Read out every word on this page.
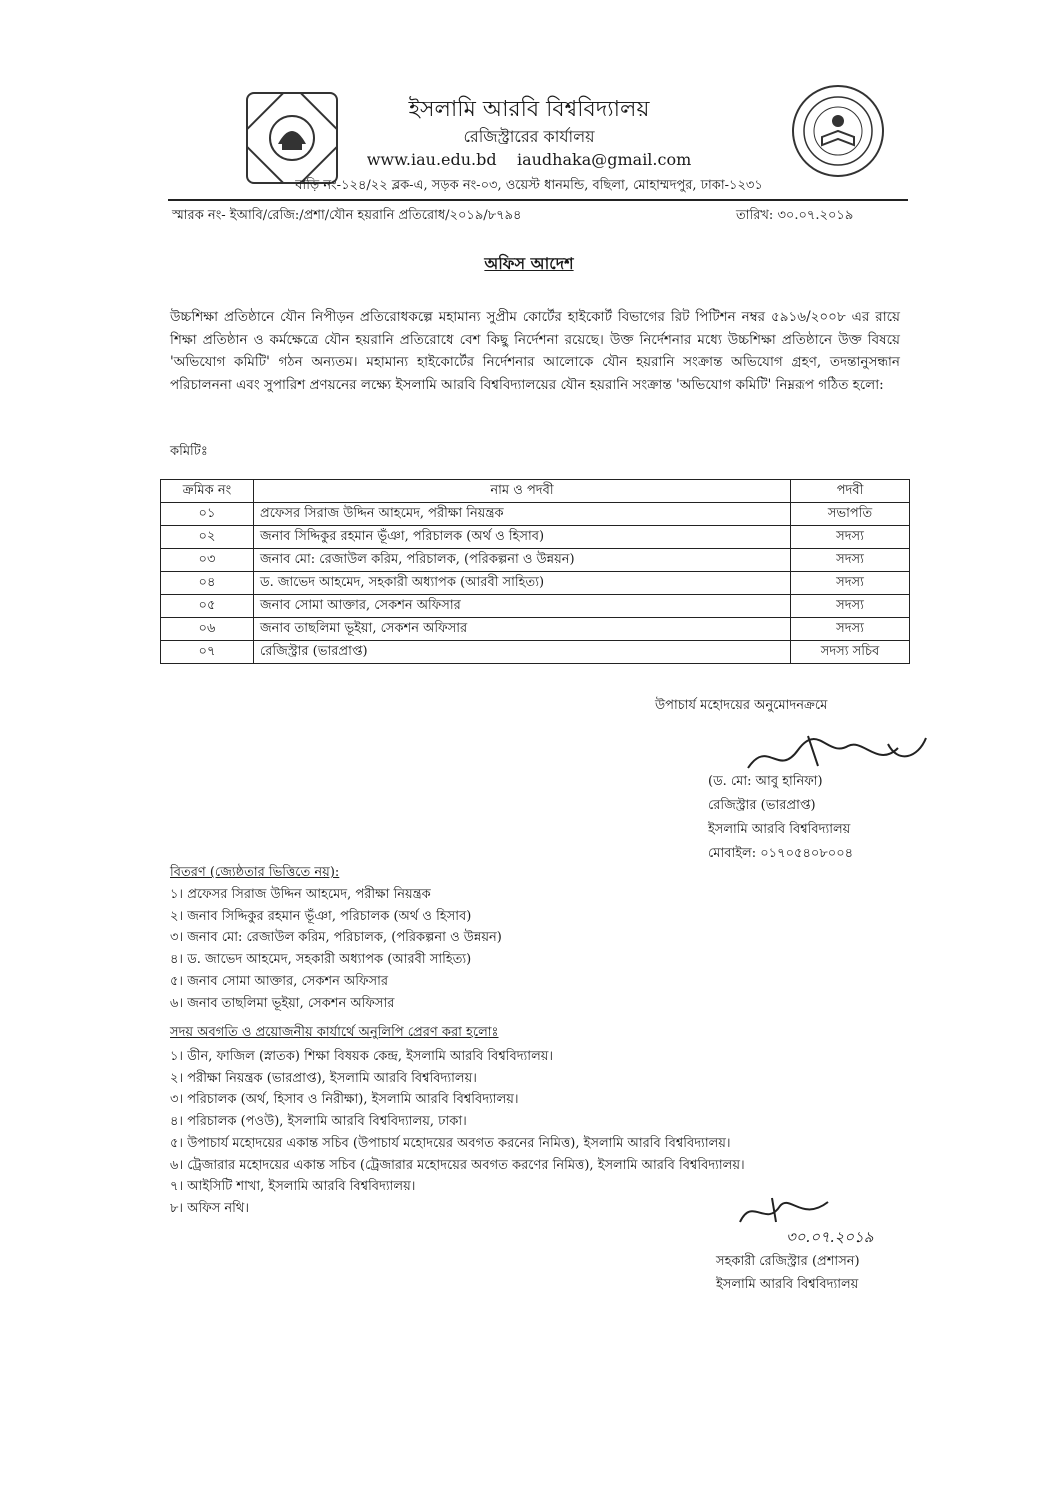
ইসলামি আরবি বিশ্ববিদ্যালয়
রেজিস্ট্রারের কার্যালয়
www.iau.edu.bd iaudhaka@gmail.com
বাড়ি নং-১২৪/২২ ব্লক-এ, সড়ক নং-০৩, ওয়েস্ট ধানমন্ডি, বছিলা, মোহাম্মদপুর, ঢাকা-১২৩১
স্মারক নং- ইআবি/রেজি:/প্রশা/যৌন হয়রানি প্রতিরোধ/২০১৯/৮৭৯৪	তারিখ: ৩০.০৭.২০১৯
অফিস আদেশ
উচ্চশিক্ষা প্রতিষ্ঠানে যৌন নিপীড়ন প্রতিরোধকল্পে মহামান্য সুপ্রীম কোর্টের হাইকোর্ট বিভাগের রিট পিটিশন নম্বর ৫৯১৬/২০০৮ এর রায়ে শিক্ষা প্রতিষ্ঠান ও কর্মক্ষেত্রে যৌন হয়রানি প্রতিরোধে বেশ কিছু নির্দেশনা রয়েছে। উক্ত নির্দেশনার মধ্যে উচ্চশিক্ষা প্রতিষ্ঠানে উক্ত বিষয়ে 'অভিযোগ কমিটি' গঠন অন্যতম। মহামান্য হাইকোর্টের নির্দেশনার আলোকে যৌন হয়রানি সংক্রান্ত অভিযোগ গ্রহণ, তদন্তানুসন্ধান পরিচালননা এবং সুপারিশ প্রণয়নের লক্ষ্যে ইসলামি আরবি বিশ্ববিদ্যালয়ের যৌন হয়রানি সংক্রান্ত 'অভিযোগ কমিটি' নিম্নরূপ গঠিত হলো:
কমিটিঃ
ক্রমিক নং	নাম ও পদবী	পদবী
০১	প্রফেসর সিরাজ উদ্দিন আহমেদ, পরীক্ষা নিয়ন্ত্রক	সভাপতি
০২	জনাব সিদ্দিকুর রহমান ভূঁঞা, পরিচালক (অর্থ ও হিসাব)	সদস্য
০৩	জনাব মো: রেজাউল করিম, পরিচালক, (পরিকল্পনা ও উন্নয়ন)	সদস্য
০৪	ড. জাভেদ আহমেদ, সহকারী অধ্যাপক (আরবী সাহিত্য)	সদস্য
০৫	জনাব সোমা আক্তার, সেকশন অফিসার	সদস্য
০৬	জনাব তাছলিমা ভূইয়া, সেকশন অফিসার	সদস্য
০৭	রেজিস্ট্রার (ভারপ্রাপ্ত)	সদস্য সচিব
উপাচার্য মহোদয়ের অনুমোদনক্রমে
(ড. মো: আবু হানিফা)
রেজিস্ট্রার (ভারপ্রাপ্ত)
ইসলামি আরবি বিশ্ববিদ্যালয়
মোবাইল: ০১৭০৫৪০৮০০৪
বিতরণ (জ্যেষ্ঠতার ভিত্তিতে নয়):
১। প্রফেসর সিরাজ উদ্দিন আহমেদ, পরীক্ষা নিয়ন্ত্রক
২। জনাব সিদ্দিকুর রহমান ভূঁঞা, পরিচালক (অর্থ ও হিসাব)
৩। জনাব মো: রেজাউল করিম, পরিচালক, (পরিকল্পনা ও উন্নয়ন)
৪। ড. জাভেদ আহমেদ, সহকারী অধ্যাপক (আরবী সাহিত্য)
৫। জনাব সোমা আক্তার, সেকশন অফিসার
৬। জনাব তাছলিমা ভূইয়া, সেকশন অফিসার
সদয় অবগতি ও প্রয়োজনীয় কার্যার্থে অনুলিপি প্রেরণ করা হলোঃ
১। ডীন, ফাজিল (স্নাতক) শিক্ষা বিষয়ক কেন্দ্র, ইসলামি আরবি বিশ্ববিদ্যালয়।
২। পরীক্ষা নিয়ন্ত্রক (ভারপ্রাপ্ত), ইসলামি আরবি বিশ্ববিদ্যালয়।
৩। পরিচালক (অর্থ, হিসাব ও নিরীক্ষা), ইসলামি আরবি বিশ্ববিদ্যালয়।
৪। পরিচালক (পওউ), ইসলামি আরবি বিশ্ববিদ্যালয়, ঢাকা।
৫। উপাচার্য মহোদয়ের একান্ত সচিব (উপাচার্য মহোদয়ের অবগত করনের নিমিত্ত), ইসলামি আরবি বিশ্ববিদ্যালয়।
৬। ট্রেজারার মহোদয়ের একান্ত সচিব (ট্রেজারার মহোদয়ের অবগত করণের নিমিত্ত), ইসলামি আরবি বিশ্ববিদ্যালয়।
৭। আইসিটি শাখা, ইসলামি আরবি বিশ্ববিদ্যালয়।
৮। অফিস নথি।
৩০.০৭.২০১৯
সহকারী রেজিস্ট্রার (প্রশাসন)
ইসলামি আরবি বিশ্ববিদ্যালয়
